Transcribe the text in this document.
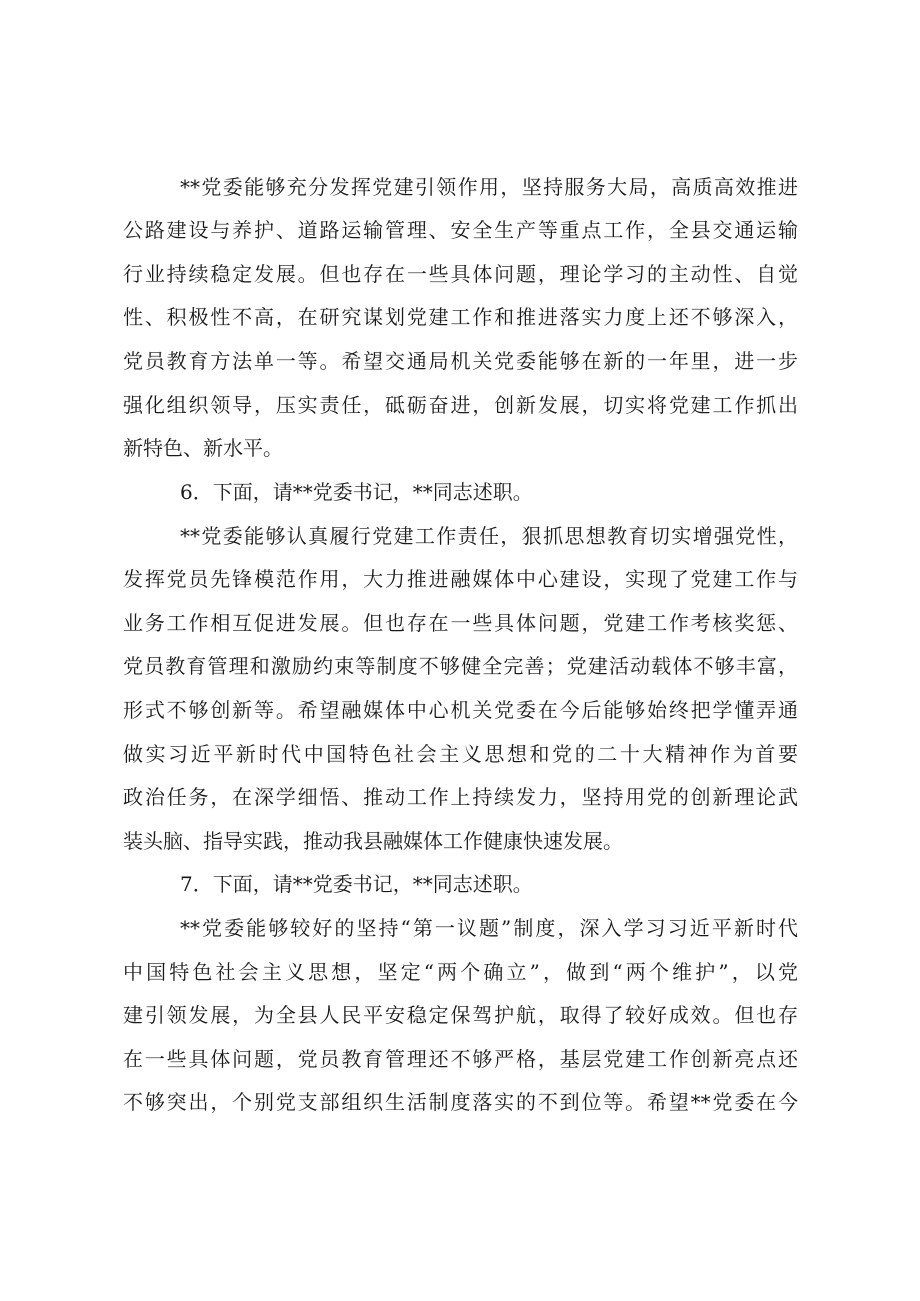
**党委能够充分发挥党建引领作用，坚持服务大局，高质高效推进
公路建设与养护、道路运输管理、安全生产等重点工作，全县交通运输
行业持续稳定发展。但也存在一些具体问题，理论学习的主动性、自觉
性、积极性不高，在研究谋划党建工作和推进落实力度上还不够深入，
党员教育方法单一等。希望交通局机关党委能够在新的一年里，进一步
强化组织领导，压实责任，砥砺奋进，创新发展，切实将党建工作抓出
新特色、新水平。
6．下面，请**党委书记，**同志述职。
**党委能够认真履行党建工作责任，狠抓思想教育切实增强党性，
发挥党员先锋模范作用，大力推进融媒体中心建设，实现了党建工作与
业务工作相互促进发展。但也存在一些具体问题，党建工作考核奖惩、
党员教育管理和激励约束等制度不够健全完善；党建活动载体不够丰富，
形式不够创新等。希望融媒体中心机关党委在今后能够始终把学懂弄通
做实习近平新时代中国特色社会主义思想和党的二十大精神作为首要
政治任务，在深学细悟、推动工作上持续发力，坚持用党的创新理论武
装头脑、指导实践，推动我县融媒体工作健康快速发展。
7．下面，请**党委书记，**同志述职。
**党委能够较好的坚持“第一议题”制度，深入学习习近平新时代
中国特色社会主义思想，坚定“两个确立”，做到“两个维护”，以党
建引领发展，为全县人民平安稳定保驾护航，取得了较好成效。但也存
在一些具体问题，党员教育管理还不够严格，基层党建工作创新亮点还
不够突出，个别党支部组织生活制度落实的不到位等。希望**党委在今
